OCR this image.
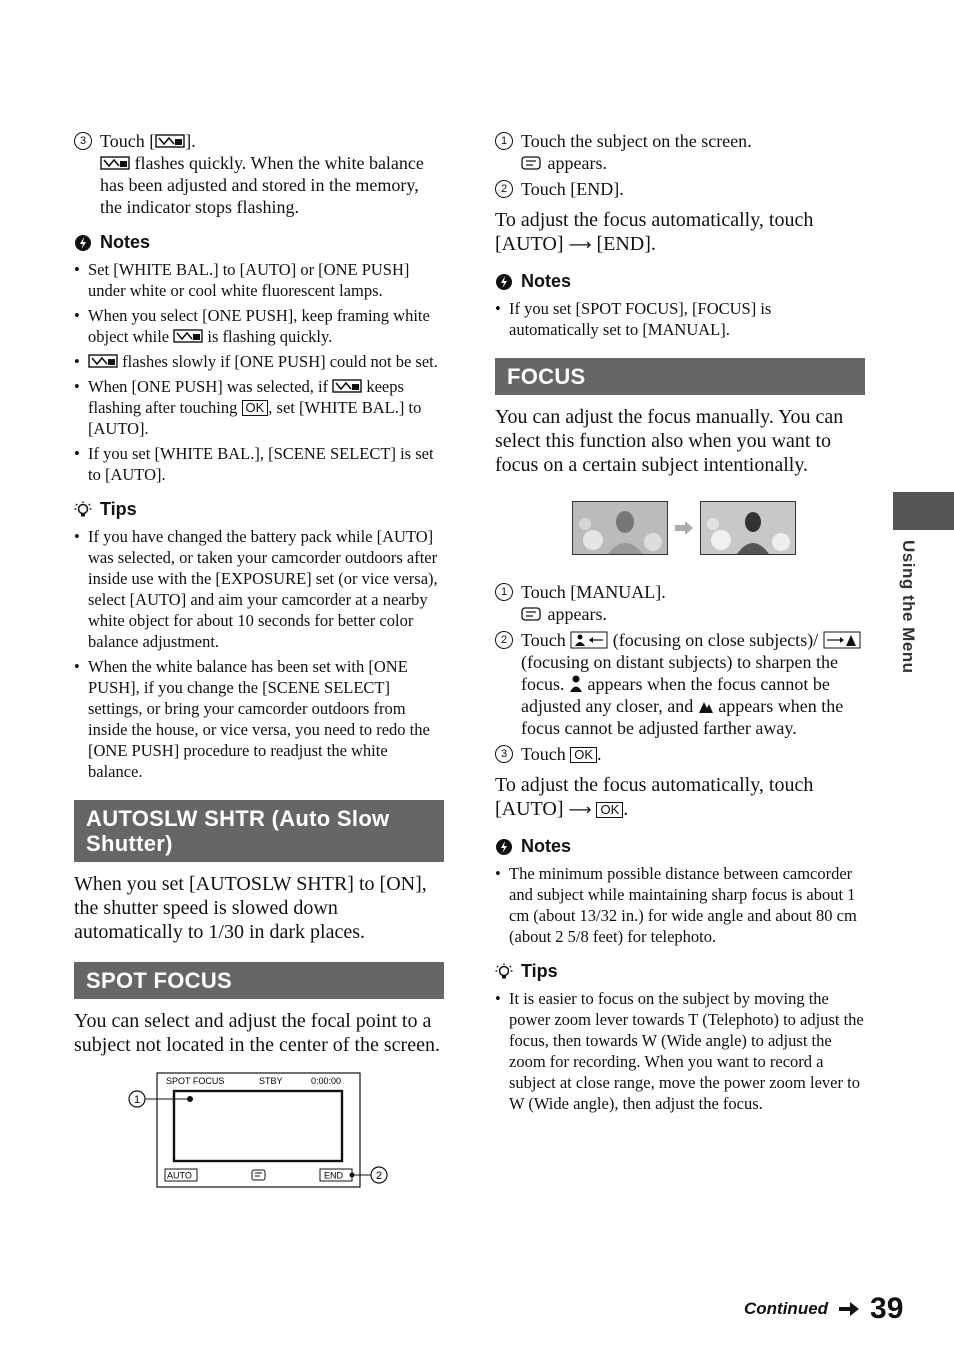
3 Touch [ ].
flashes quickly. When the white balance has been adjusted and stored in the memory, the indicator stops flashing.
Notes
• Set [WHITE BAL.] to [AUTO] or [ONE PUSH] under white or cool white fluorescent lamps.
• When you select [ONE PUSH], keep framing white object while is flashing quickly.
• flashes slowly if [ONE PUSH] could not be set.
• When [ONE PUSH] was selected, if keeps flashing after touching OK , set [WHITE BAL.] to [AUTO].
• If you set [WHITE BAL.], [SCENE SELECT] is set to [AUTO].
Tips
• If you have changed the battery pack while [AUTO] was selected, or taken your camcorder outdoors after inside use with the [EXPOSURE] set (or vice versa), select [AUTO] and aim your camcorder at a nearby white object for about 10 seconds for better color balance adjustment.
• When the white balance has been set with [ONE PUSH], if you change the [SCENE SELECT] settings, or bring your camcorder outdoors from inside the house, or vice versa, you need to redo the [ONE PUSH] procedure to readjust the white balance.
AUTOSLW SHTR (Auto Slow Shutter)
When you set [AUTOSLW SHTR] to [ON], the shutter speed is slowed down automatically to 1/30 in dark places.
SPOT FOCUS
You can select and adjust the focal point to a subject not located in the center of the screen.
SPOT FOCUS	STBY	0:00:00
AUTO	END
1
2
1 Touch the subject on the screen.
appears.
2 Touch [END].
To adjust the focus automatically, touch [AUTO] ⟶ [END].
Notes
• If you set [SPOT FOCUS], [FOCUS] is automatically set to [MANUAL].
FOCUS
You can adjust the focus manually. You can select this function also when you want to focus on a certain subject intentionally.
1 Touch [MANUAL].
appears.
2 Touch	(focusing on close subjects)/  (focusing on distant subjects) to sharpen the focus. appears when the focus cannot be adjusted any closer, and appears when the focus cannot be adjusted farther away.
3 Touch OK .
To adjust the focus automatically, touch [AUTO] ⟶ OK .
Notes
• The minimum possible distance between camcorder and subject while maintaining sharp focus is about 1 cm (about 13/32 in.) for wide angle and about 80 cm (about 2 5/8 feet) for telephoto.
Tips
• It is easier to focus on the subject by moving the power zoom lever towards T (Telephoto) to adjust the focus, then towards W (Wide angle) to adjust the zoom for recording. When you want to record a subject at close range, move the power zoom lever to W (Wide angle), then adjust the focus.
Using the Menu
Continued 39
